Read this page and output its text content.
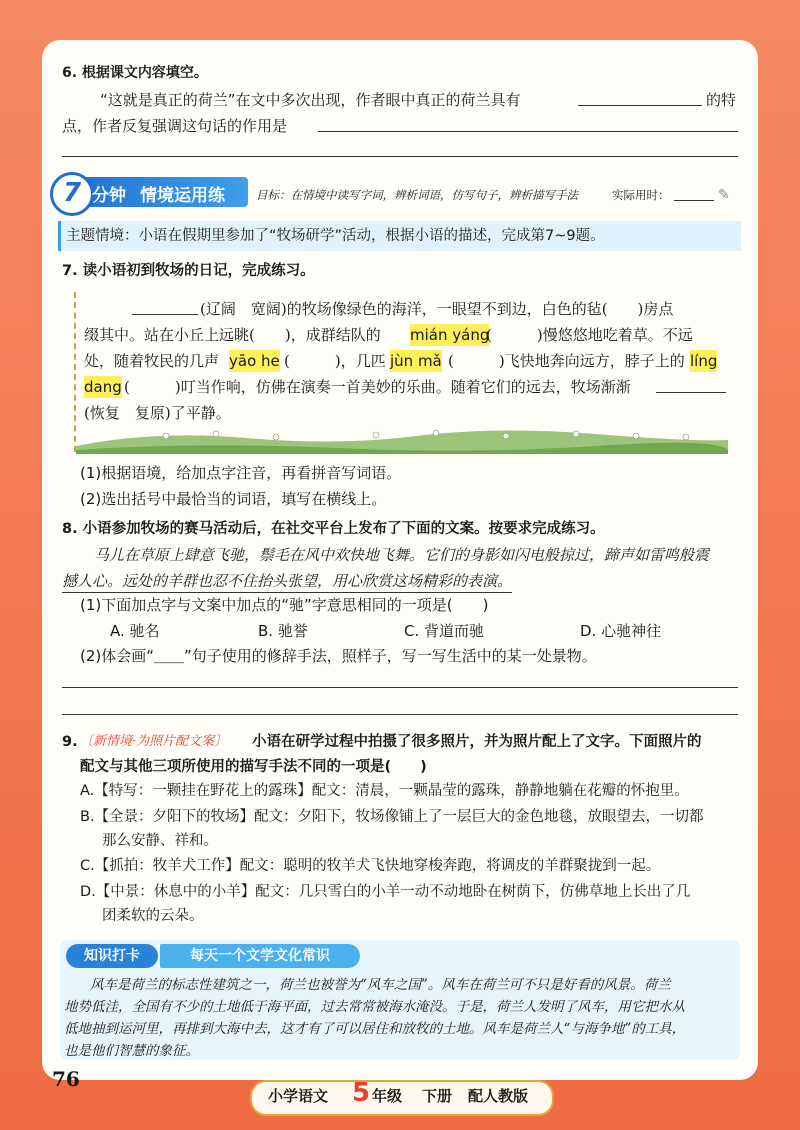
6. 根据课文内容填空。
“这就是真正的荷兰”在文中多次出现，作者眼中真正的荷兰具有	的特
点，作者反复强调这句话的作用是
7 分钟 情境运用练	目标：在情境中读写字词，辨析词语，仿写句子，辨析描写手法	实际用时：	✎
主题情境：小语在假期里参加了“牧场研学”活动，根据小语的描述，完成第7~9题。
7. 读小语初到牧场的日记，完成练习。
(辽阔　宽阔)的牧场像绿色的海洋，一眼望不到边，白色的毡(　　)房点
缀其中。站在小丘上远眺(　　)，成群结队的 mián yáng
(　　　)慢悠悠地吃着草。不远
处，随着牧民的几声 yāo he (　　　)，几匹 jùn mǎ (　　　)飞快地奔向远方，脖子上的 líng
dang (　　　)叮当作响，仿佛在演奏一首美妙的乐曲。随着它们的远去，牧场渐渐
(恢复　复原)了平静。
(1)根据语境，给加点字注音，再看拼音写词语。
(2)选出括号中最恰当的词语，填写在横线上。
8. 小语参加牧场的赛马活动后，在社交平台上发布了下面的文案。按要求完成练习。
马儿在草原上肆意飞驰，鬃毛在风中欢快地飞舞。它们的身影如闪电般掠过，蹄声如雷鸣般震
撼人心。远处的羊群也忍不住抬头张望，用心欣赏这场精彩的表演。
(1)下面加点字与文案中加点的“驰”字意思相同的一项是(　　)
A. 驰名	B. 驰誉	C. 背道而驰	D. 心驰神往
(2)体会画“＿＿”句子使用的修辞手法，照样子，写一写生活中的某一处景物。
9. 〔新情境·为照片配文案〕 小语在研学过程中拍摄了很多照片，并为照片配上了文字。下面照片的
配文与其他三项所使用的描写手法不同的一项是(　　)
A.【特写：一颗挂在野花上的露珠】配文：清晨，一颗晶莹的露珠，静静地躺在花瓣的怀抱里。
B.【全景：夕阳下的牧场】配文：夕阳下，牧场像铺上了一层巨大的金色地毯，放眼望去，一切都
那么安静、祥和。
C.【抓拍：牧羊犬工作】配文：聪明的牧羊犬飞快地穿梭奔跑，将调皮的羊群聚拢到一起。
D.【中景：休息中的小羊】配文：几只雪白的小羊一动不动地卧在树荫下，仿佛草地上长出了几
团柔软的云朵。
知识打卡	每天一个文学文化常识
风车是荷兰的标志性建筑之一，荷兰也被誉为“风车之国”。风车在荷兰可不只是好看的风景。荷兰
地势低洼，全国有不少的土地低于海平面，过去常常被海水淹没。于是，荷兰人发明了风车，用它把水从
低地抽到运河里，再排到大海中去，这才有了可以居住和放牧的土地。风车是荷兰人“与海争地”的工具，
也是他们智慧的象征。
76
小学语文 5 年级 下册 配人教版
